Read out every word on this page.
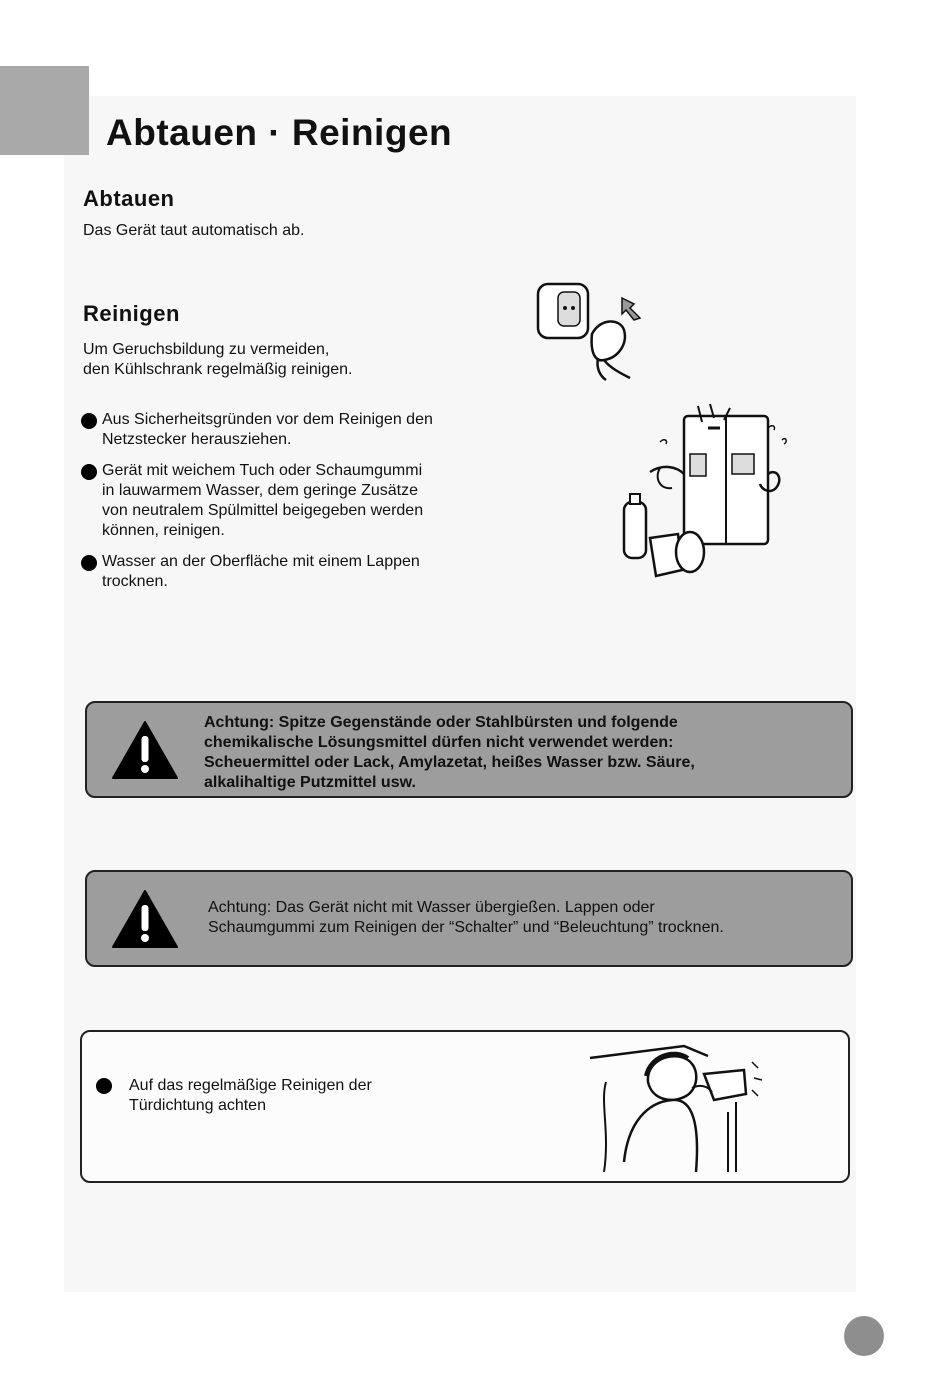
Abtauen · Reinigen
Abtauen

Das Gerät taut automatisch ab.

Reinigen

Um Geruchsbildung zu vermeiden,
den Kühlschrank regelmäßig reinigen.

Aus Sicherheitsgründen vor dem Reinigen den
Netzstecker herausziehen.

Gerät mit weichem Tuch oder Schaumgummi
in lauwarmem Wasser, dem geringe Zusätze
von neutralem Spülmittel beigegeben werden
können, reinigen.

Wasser an der Oberfläche mit einem Lappen
trocknen.

Achtung: Spitze Gegenstände oder Stahlbürsten und folgende
chemikalische Lösungsmittel dürfen nicht verwendet werden:
Scheuermittel oder Lack, Amylazetat, heißes Wasser bzw. Säure,
alkalihaltige Putzmittel usw.
Achtung: Das Gerät nicht mit Wasser übergießen. Lappen oder
Schaumgummi zum Reinigen der “Schalter” und “Beleuchtung” trocknen.

Auf das regelmäßige Reinigen der
Türdichtung achten
